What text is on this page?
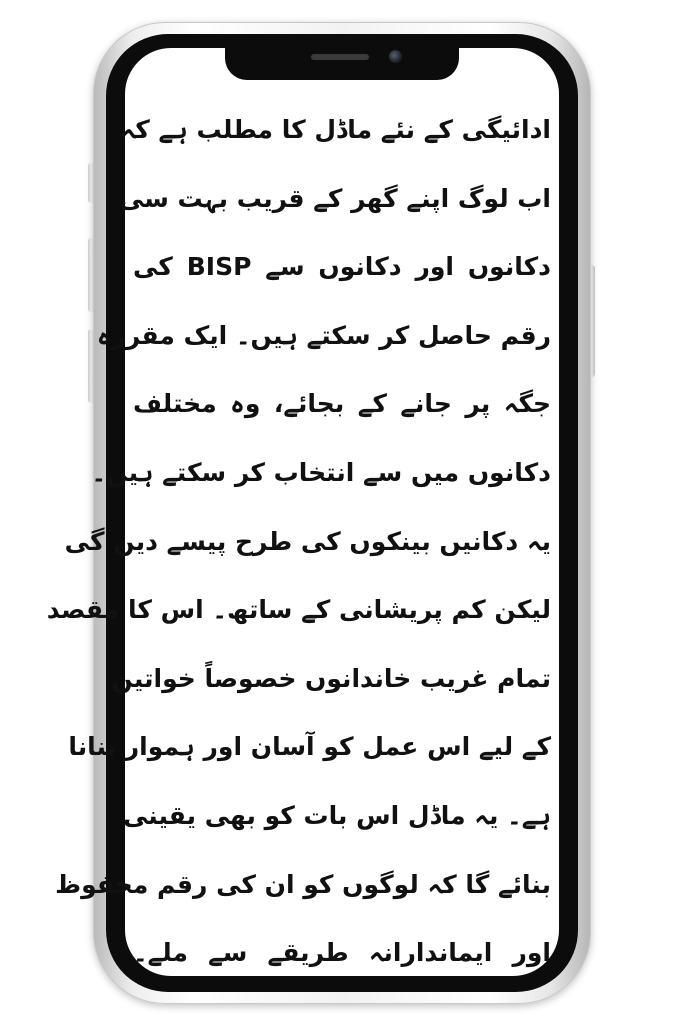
ادائیگی کے نئے ماڈل کا مطلب ہے کہ
اب لوگ اپنے گھر کے قریب بہت سی
دکانوں اور دکانوں سے BISP کی
رقم حاصل کر سکتے ہیں۔ ایک مقررہ
جگہ پر جانے کے بجائے، وہ مختلف
دکانوں میں سے انتخاب کر سکتے ہیں۔
یہ دکانیں بینکوں کی طرح پیسے دیں گی
لیکن کم پریشانی کے ساتھ۔ اس کا مقصد
تمام غریب خاندانوں خصوصاً خواتین
کے لیے اس عمل کو آسان اور ہموار بنانا
ہے۔ یہ ماڈل اس بات کو بھی یقینی
بنائے گا کہ لوگوں کو ان کی رقم محفوظ
اور ایماندارانہ طریقے سے ملے۔
